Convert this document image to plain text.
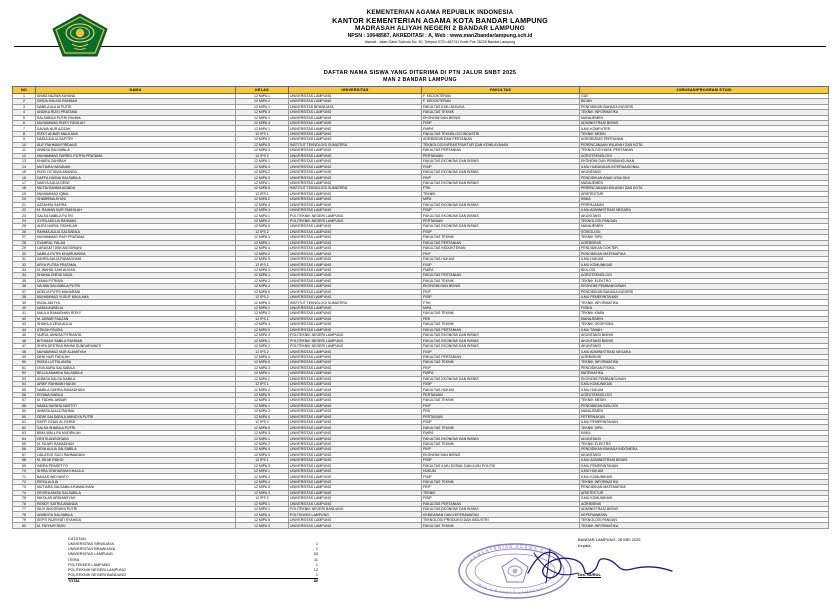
KEMENTERIAN AGAMA REPUBLIK INDONESIA
KANTOR KEMENTERIAN AGAMA KOTA BANDAR LAMPUNG
MADRASAH ALIYAH NEGERI 2 BANDAR LAMPUNG
NPSN : 10648587, AKREDITASI : A, Web : www.man2bandarlampung.sch.id
Alamat : Jalan Gatot Subroto No. 30, Telepon 0721-482741 Kode Pos 35228 Bandar Lampung
DAFTAR NAMA SISWA YANG DITERIMA DI PTN JALUR SNBT 2025
MAN 2 BANDAR LAMPUNG
NO	NAMA	KELAS	UNIVERSITAS	FAKULTAS	JURUSAN/PROGRAM STUDI
1	ANISA NAZWA KAYANA	12 MIPA 1	UNIVERSITAS LAMPUNG	F. KEDOKTERAN	GIZI
2	DINDA HALIDA RAHMAH	12 MIPA 2	UNIVERSITAS LAMPUNG	F. KEDOKTERAN	BIDAN
3	NABILA AULIA PUTRI	12 MIPA 1	UNIVERSITAS BRAWIJAYA	FAKULTAS ILMU BUDAYA	PENDIDIKAN BAHASA INGGRIS
4	ANDIKA RIZKI PRATAMA	12 MIPA 3	UNIVERSITAS LAMPUNG	FAKULTAS TEKNIK	TEKNIK INFORMATIKA
5	SALSABILA PUTRI RAHMA	12 MIPA 2	UNIVERSITAS LAMPUNG	EKONOMI DAN BISNIS	MANAJEMEN
6	MUHAMMAD RIZKY FADILAH	12 MIPA 4	UNIVERSITAS LAMPUNG	FISIP	ADMINISTRASI BISNIS
7	SALWA NUR AZIZAH	12 MIPA 1	UNIVERSITAS LAMPUNG	FMIPA	ILMU KOMPUTER
8	RIZKY AKBAR MAULANA	12 IPS 1	UNIVERSITAS LAMPUNG	FAKULTAS TEKNOLOGI INDUSTRI	TEKNIK MESIN
9	NADIA AULIA SAFITRI	12 MIPA 2	UNIVERSITAS LAMPUNG	AGRIBISNIS DAN PERTANIAN	AGROBISNIS PERTANIAN
10	ALIF RAHMAN FIRDAUS	12 MIPA 5	INSTITUT TEKNOLOGI SUMATERA	TEKNOLOGI INFRASTRUKTUR DAN KEWILAYAHAN	PERENCANAAN WILAYAH DAN KOTA
11	ANNISA SALSABILA	12 MIPA 3	UNIVERSITAS LAMPUNG	FAKULTAS PERTANIAN	TEKNOLOGI HASIL PERTANIAN
12	MUHAMMAD FARREL PUTRA PRATAMA	12 IPS 2	UNIVERSITAS LAMPUNG	PERTANIAN	AGROTEKNOLOGI
13	KHAIRA ZAHIRAH	12 MIPA 1	UNIVERSITAS LAMPUNG	FAKULTAS EKONOMI DAN BISNIS	EKONOMI DAN PEMBANGUNAN
14	MUTIARA HASANAH	12 MIPA 4	UNIVERSITAS LAMPUNG	FISIP	ILMU HUBUNGAN INTERNASIONAL
15	RIZKI OCTAVIA ANANDA	12 MIPA 2	UNIVERSITAS LAMPUNG	FAKULTAS EKONOMI DAN BISNIS	AKUNTANSI
16	DAFFA HASNA SALSABILA	12 MIPA 3	UNIVERSITAS LAMPUNG	FKIP	PENDIDIKAN ANAK USIA DINI
17	NADYA AULIA DEWI	12 MIPA 1	UNIVERSITAS LAMPUNG	FAKULTAS EKONOMI DAN BISNIS	MANAJEMEN
18	MUTIA RAHMA ADINDA	12 MIPA 5	INSTITUT TEKNOLOGI SUMATERA	FTIK	PERENCANAAN WILAYAH DAN KOTA
19	MUHAMMAD IQBAL	12 IPS 1	UNIVERSITAS LAMPUNG	TEKNIK	ARSITEKTUR
20	SHABRINA AYUNI	12 MIPA 2	UNIVERSITAS LAMPUNG	MIPA	KIMIA
21	AZZAHRA SAFIRA	12 MIPA 4	UNIVERSITAS LAMPUNG	FAKULTAS EKONOMI DAN BISNIS	PERPAJAKAN
22	M. RAIHAN NUR FADHILAH	12 MIPA 3	UNIVERSITAS LAMPUNG	FISIP	ILMU ADMINISTRASI NEGARA
23	SALSA NABILA PUTRI	12 MIPA 1	POLITEKNIK NEGERI LAMPUNG	FAKULTAS EKONOMI DAN BISNIS	AKUNTANSI
24	SYIFA ADELIA RAHMAN	12 MIPA 2	POLITEKNIK NEGERI LAMPUNG	PERTANIAN	TEKNOLOGI PANGAN
25	ALIFA NURUL FADHILAH	12 MIPA 5	UNIVERSITAS LAMPUNG	FAKULTAS EKONOMI DAN BISNIS	MANAJEMEN
26	RAHMA AULIA SALSABILA	12 IPS 2	UNIVERSITAS LAMPUNG	FISIP	SOSIOLOGI
27	MUHAMMAD RAFI PRATAMA	12 MIPA 3	UNIVERSITAS LAMPUNG	FAKULTAS TEKNIK	TEKNIK SIPIL
28	SYAHRUL FALAH	12 MIPA 1	UNIVERSITAS LAMPUNG	FAKULTAS PERTANIAN	AGRIBISNIS
29	LARASATI DWI ANGGRAINI	12 MIPA 4	UNIVERSITAS LAMPUNG	FAKULTAS KEDOKTERAN	PENDIDIKAN DOKTER
30	NABILA PUTRI KHAIRUNNISA	12 MIPA 2	UNIVERSITAS LAMPUNG	FKIP	PENDIDIKAN MATEMATIKA
31	ZAHRA AULIA RAMADHANI	12 MIPA 5	UNIVERSITAS LAMPUNG	FAKULTAS HUKUM	ILMU HUKUM
32	ARYA PUTRA PRATAMA	12 IPS 1	UNIVERSITAS LAMPUNG	FISIP	ILMU KOMUNIKASI
33	M. WAHID ZAKI ALVIAN	12 MIPA 3	UNIVERSITAS LAMPUNG	FMIPA	BIOLOGI
34	SHANIA ZHEVA NAZA	12 MIPA 1	UNIVERSITAS LAMPUNG	FAKULTAS PERTANIAN	AGROTEKNOLOGI
35	DIANA FITRIANI	12 MIPA 2	UNIVERSITAS LAMPUNG	FAKULTAS TEKNIK	TEKNIK ELEKTRO
36	NAJWA SALSABILA PUTRI	12 MIPA 4	UNIVERSITAS LAMPUNG	EKONOMI DAN BISNIS	EKONOMI PEMBANGUNAN
37	ADELIA PUTRI MAHARANI	12 MIPA 5	UNIVERSITAS LAMPUNG	FKIP	PENDIDIKAN BAHASA INGGRIS
38	MUHAMMAD YUSUF MAULANA	12 IPS 2	UNIVERSITAS LAMPUNG	FISIP	ILMU PEMERINTAHAN
39	RIZAL ADITYA	12 MIPA 3	INSTITUT TEKNOLOGI SUMATERA	FTIK	TEKNIK INFORMATIKA
40	NADIA AURELIA	12 MIPA 1	UNIVERSITAS LAMPUNG	MIPA	FISIKA
41	MAULA RAMADHAN RIZKY	12 MIPA 2	UNIVERSITAS LAMPUNG	FAKULTAS TEKNIK	TEKNIK KIMIA
42	M. AKBAR FAUZAN	12 IPS 1	UNIVERSITAS LAMPUNG	FEB	MANAJEMEN
43	SHAKILA ZEVA AULIA	12 MIPA 4	UNIVERSITAS LAMPUNG	FAKULTAS TEKNIK	TEKNIK GEOFISIKA
44	ATIKAH FAUZIA	12 MIPA 5	UNIVERSITAS LAMPUNG	FAKULTAS PERTANIAN	ILMU TANAH
45	NURUL ANNISA FITRIANTA	12 MIPA 3	POLITEKNIK NEGERI LAMPUNG	FAKULTAS EKONOMI DAN BISNIS	AKUNTANSI BISNIS
46	BITHAIAH SABILA RAHMAN	12 MIPA 1	POLITEKNIK NEGERI LAMPUNG	FAKULTAS EKONOMI DAN BISNIS	AKUNTANSI BISNIS
47	SHIFA DESTIKA RAHMI SUNDARAWATI	12 MIPA 2	POLITEKNIK NEGERI LAMPUNG	FAKULTAS EKONOMI DAN BISNIS	AKUNTANSI
48	MUHAMMAD NUR ALAMSYAH	12 IPS 2	UNIVERSITAS LAMPUNG	FISIP	ILMU ADMINISTRASI NEGARA
49	DENI NUR FADILAH	12 MIPA 4	UNIVERSITAS LAMPUNG	FAKULTAS PERTANIAN	AGRIBISNIS
50	RIZKA LUTFIA ANISA	12 MIPA 5	UNIVERSITAS LAMPUNG	FAKULTAS TEKNIK	TEKNIK INFORMATIKA
51	DIVA AURA SALSABILA	12 MIPA 3	UNIVERSITAS LAMPUNG	FKIP	PENDIDIKAN FISIKA
52	BELLA ANANDA SALSABILA	12 MIPA 1	UNIVERSITAS LAMPUNG	FMIPA	MATEMATIKA
53	ANNISA SALSA NABILA	12 MIPA 2	UNIVERSITAS LAMPUNG	FAKULTAS EKONOMI DAN BISNIS	EKONOMI PEMBANGUNAN
54	ARIEF RAHMAN HAKIM	12 IPS 1	UNIVERSITAS LAMPUNG	FISIP	ILMU KOMUNIKASI
55	NABILA SAFIRA RAMADHANI	12 MIPA 4	UNIVERSITAS LAMPUNG	FAKULTAS HUKUM	ILMU HUKUM
56	RIYANA NABILA	12 MIPA 5	UNIVERSITAS LAMPUNG	PERTANIAN	AGROTEKNOLOGI
57	M. FADHIL AKBAR	12 MIPA 3	UNIVERSITAS LAMPUNG	FAKULTAS TEKNIK	TEKNIK MESIN
58	NADIA SURAYA NASTITI	12 MIPA 1	UNIVERSITAS LAMPUNG	FKIP	PENDIDIKAN BIOLOGI
59	ANNISA AULIA RAHMA	12 MIPA 2	UNIVERSITAS LAMPUNG	FEB	MANAJEMEN
60	DEWI SALSABILA ANINDYA PUTRI	12 MIPA 4	UNIVERSITAS LAMPUNG	PERTANIAN	PETERNAKAN
61	RAFFI DZAKI AL FARIZI	12 IPS 2	UNIVERSITAS LAMPUNG	FISIP	ILMU PEMERINTAHAN
62	SALSA SHABILA PUTRI	12 MIPA 5	UNIVERSITAS LAMPUNG	FAKULTAS TEKNIK	TEKNIK SIPIL
63	BIMA WALLIYA MUDRIKAH	12 MIPA 3	UNIVERSITAS LAMPUNG	FMIPA	KIMIA
64	DESTA ANGGRAINI	12 MIPA 1	UNIVERSITAS LAMPUNG	FAKULTAS EKONOMI DAN BISNIS	AKUNTANSI
65	M. FAJAR RAMADHAN	12 MIPA 2	UNIVERSITAS LAMPUNG	FAKULTAS TEKNIK	TEKNIK ELEKTRO
66	DEVA AULIA SALSABILA	12 MIPA 4	UNIVERSITAS LAMPUNG	FKIP	PENDIDIKAN BAHASA INDONESIA
67	LAILATUS SUCI RAHMADANI	12 MIPA 5	UNIVERSITAS LAMPUNG	EKONOMI DAN BISNIS	AKUNTANSI
68	M. HILMI RIDHO	12 IPS 1	UNIVERSITAS LAMPUNG	FISIP	ILMU ADMINISTRASI BISNIS
69	INDRA PRASETYO	12 MIPA 3	UNIVERSITAS LAMPUNG	FAKULTAS ILMU SOSIAL DAN ILMU POLITIK	ILMU PEMERINTAHAN
70	SHIRA SYAHARANI KHALILA	12 MIPA 1	UNIVERSITAS LAMPUNG	HUKUM	ILMU HUKUM
71	BAGAS WIDYANTO	12 MIPA 2	UNIVERSITAS LAMPUNG	FISIP	ILMU KOMUNIKASI
72	RIFKA AULIA	12 MIPA 4	UNIVERSITAS LAMPUNG	FAKULTAS TEKNIK	TEKNIK INFORMATIKA
73	MUTIARA SALSABILA RAMADHANI	12 MIPA 5	UNIVERSITAS LAMPUNG	FKIP	PENDIDIKAN MATEMATIKA
74	DEVIRA ANISA SALSABILA	12 MIPA 3	UNIVERSITAS LAMPUNG	TEKNIK	ARSITEKTUR
75	NIKOLAS ARDIANSYAH	12 IPS 2	UNIVERSITAS LAMPUNG	FISIP	ILMU KOMUNIKASI
76	RENDY SATRIA ANANDA	12 MIPA 1	UNIVERSITAS LAMPUNG	FAKULTAS PERTANIAN	AGRIBISNIS
77	SILVI ANGGRAINI PUTRI	12 MIPA 2	POLITEKNIK NEGERI BANDUNG	FAKULTAS EKONOMI DAN BISNIS	ADMINISTRASI BISNIS
78	ANINDITA SALSABILA	12 MIPA 4	POLTEKKES LAMPUNG	KEBIDANAN DAN KEPERAWATAN	KEPERAWATAN
79	SEPTI FAJRIYATI SYAHIDA	12 MIPA 5	UNIVERSITAS LAMPUNG	TEKNOLOGI PRODUKSI DAN INDUSTRI	TEKNOLOGI PANGAN
80	M. FATHUR RIZKI	12 MIPA 3	UNIVERSITAS LAMPUNG	FAKULTAS TEKNIK	TEKNIK INFORMATIKA
CATATAN
UNIVERSITAS SRIWIJAYA	1
UNIVERSITAS BRAWIJAYA	1
UNIVERSITAS LAMPUNG	53
ITERA	11
POLTEKKES LAMPUNG	1
POLITEKNIK NEGERI LAMPUNG	12
POLITEKNIK NEGERI BANDUNG	1
TOTAL	80
KEMENTERIAN AGAMA RI
MAN 2 BANDAR LAMPUNG
BANDAR LAMPUNG, 28 MEI 2025
Kepala,
Dra. NURUL
